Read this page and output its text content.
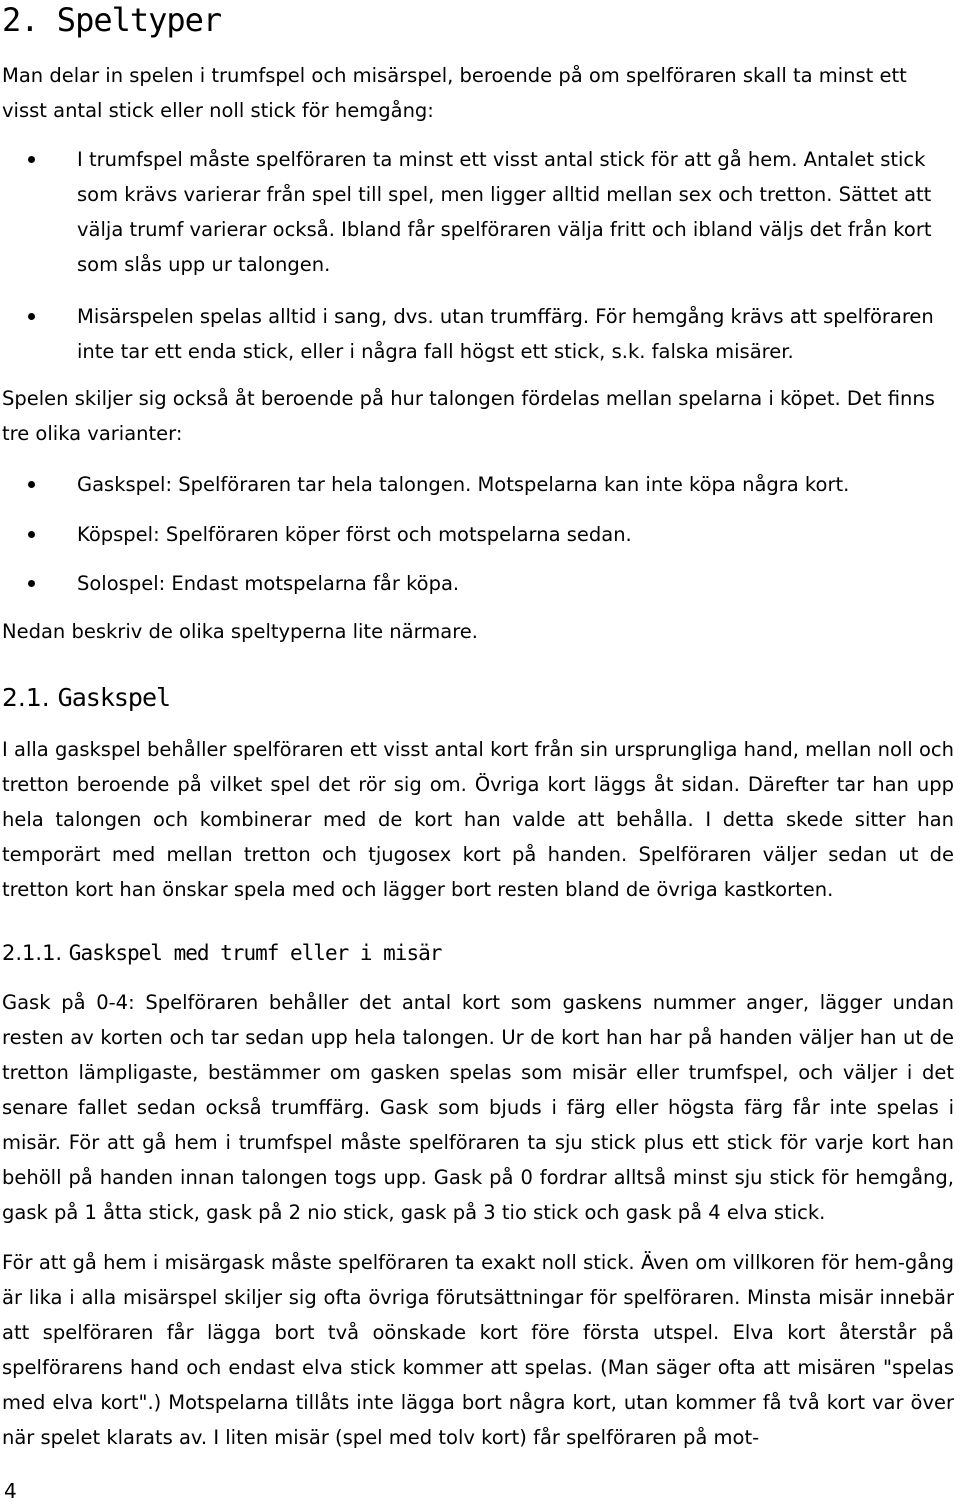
2. Speltyper

Man delar in spelen i trumfspel och misärspel, beroende på om spelföraren skall ta minst ett visst antal stick eller noll stick för hemgång:

I trumfspel måste spelföraren ta minst ett visst antal stick för att gå hem. Antalet stick som krävs varierar från spel till spel, men ligger alltid mellan sex och tretton. Sättet att välja trumf varierar också. Ibland får spelföraren välja fritt och ibland väljs det från kort som slås upp ur talongen.

Misärspelen spelas alltid i sang, dvs. utan trumffärg. För hemgång krävs att spelföraren inte tar ett enda stick, eller i några fall högst ett stick, s.k. falska misärer.

Spelen skiljer sig också åt beroende på hur talongen fördelas mellan spelarna i köpet. Det finns tre olika varianter:

Gaskspel: Spelföraren tar hela talongen. Motspelarna kan inte köpa några kort.

Köpspel: Spelföraren köper först och motspelarna sedan.

Solospel: Endast motspelarna får köpa.

Nedan beskriv de olika speltyperna lite närmare.

2.1. Gaskspel

I alla gaskspel behåller spelföraren ett visst antal kort från sin ursprungliga hand, mellan noll och tretton beroende på vilket spel det rör sig om. Övriga kort läggs åt sidan. Därefter tar han upp hela talongen och kombinerar med de kort han valde att behålla. I detta skede sitter han temporärt med mellan tretton och tjugosex kort på handen. Spelföraren väljer sedan ut de tretton kort han önskar spela med och lägger bort resten bland de övriga kastkorten.

2.1.1. Gaskspel med trumf eller i misär

Gask på 0-4: Spelföraren behåller det antal kort som gaskens nummer anger, lägger undan resten av korten och tar sedan upp hela talongen. Ur de kort han har på handen väljer han ut de tretton lämpligaste, bestämmer om gasken spelas som misär eller trumfspel, och väljer i det senare fallet sedan också trumffärg. Gask som bjuds i färg eller högsta färg får inte spelas i misär. För att gå hem i trumfspel måste spelföraren ta sju stick plus ett stick för varje kort han behöll på handen innan talongen togs upp. Gask på 0 fordrar alltså minst sju stick för hemgång, gask på 1 åtta stick, gask på 2 nio stick, gask på 3 tio stick och gask på 4 elva stick.

För att gå hem i misärgask måste spelföraren ta exakt noll stick. Även om villkoren för hem-gång är lika i alla misärspel skiljer sig ofta övriga förutsättningar för spelföraren. Minsta misär innebär att spelföraren får lägga bort två oönskade kort före första utspel. Elva kort återstår på spelförarens hand och endast elva stick kommer att spelas. (Man säger ofta att misären "spelas med elva kort".) Motspelarna tillåts inte lägga bort några kort, utan kommer få två kort var över när spelet klarats av. I liten misär (spel med tolv kort) får spelföraren på mot-

4
